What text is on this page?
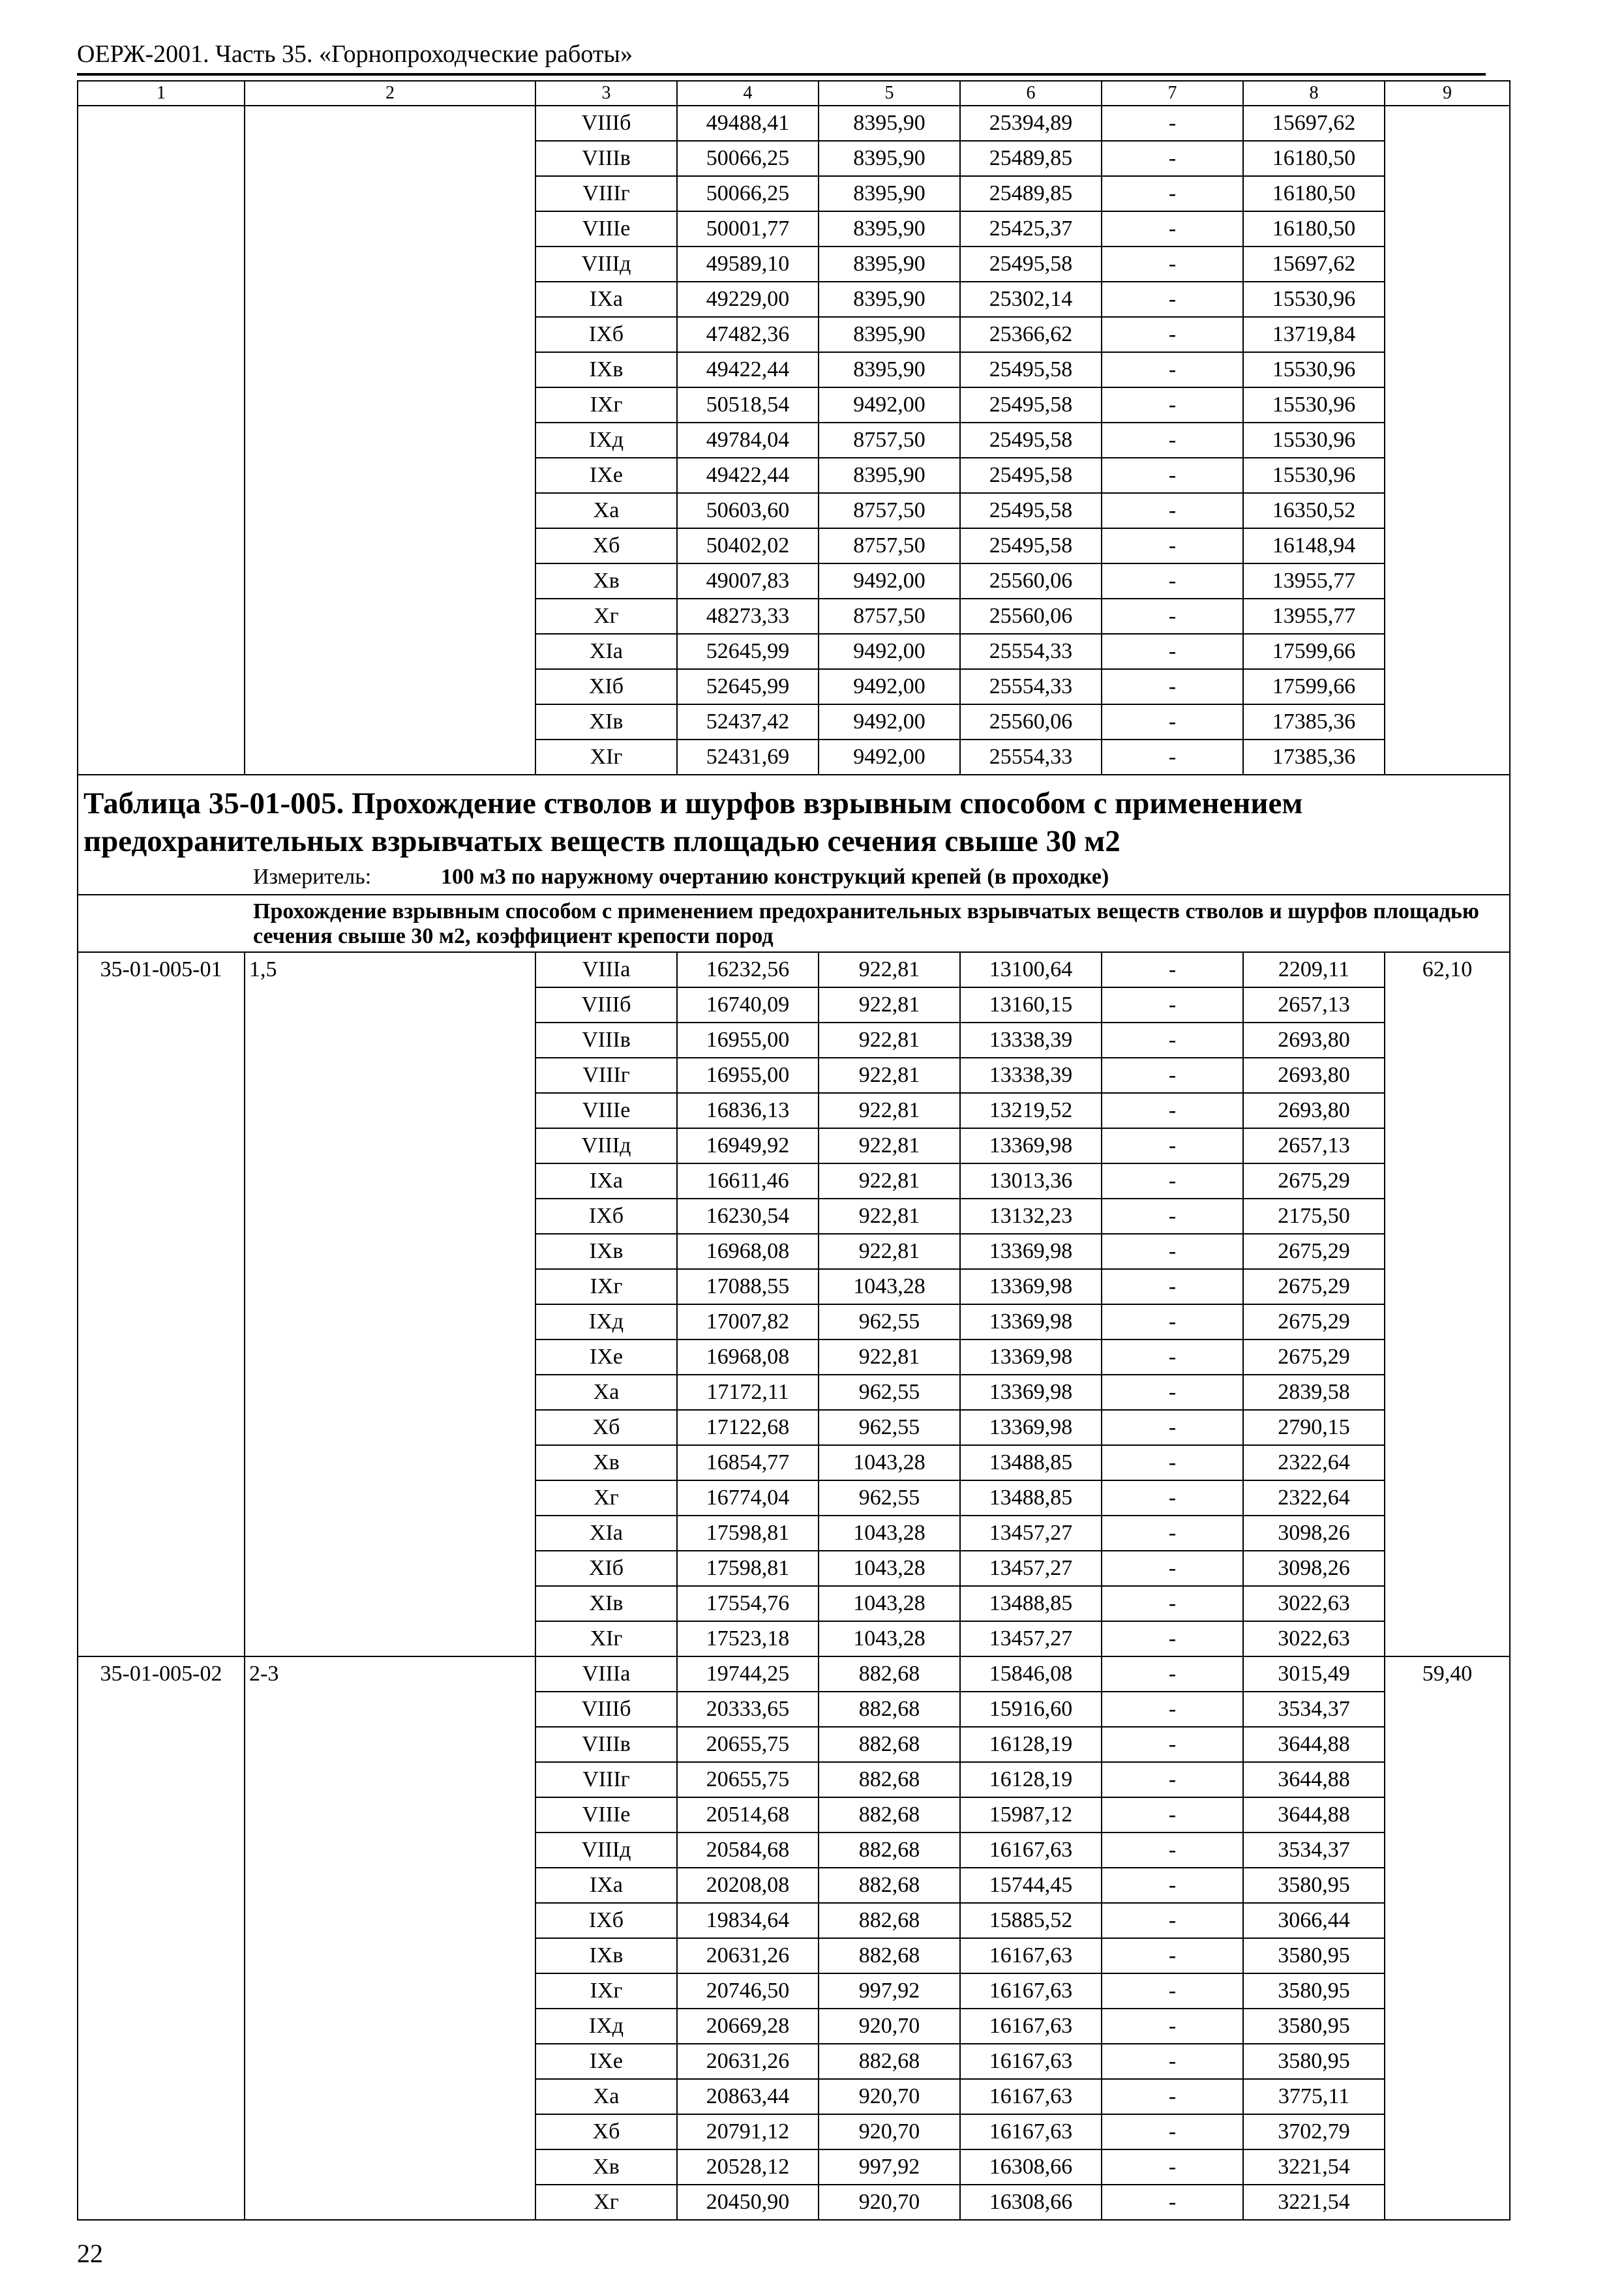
ОЕРЖ-2001. Часть 35. «Горнопроходческие работы»
1	2	3	4	5	6	7	8	9
		VIIIб	49488,41	8395,90	25394,89	-	15697,62	
		VIIIв	50066,25	8395,90	25489,85	-	16180,50	
		VIIIг	50066,25	8395,90	25489,85	-	16180,50	
		VIIIe	50001,77	8395,90	25425,37	-	16180,50	
		VIIIд	49589,10	8395,90	25495,58	-	15697,62	
		IXa	49229,00	8395,90	25302,14	-	15530,96	
		IXб	47482,36	8395,90	25366,62	-	13719,84	
		IXв	49422,44	8395,90	25495,58	-	15530,96	
		IXг	50518,54	9492,00	25495,58	-	15530,96	
		IXд	49784,04	8757,50	25495,58	-	15530,96	
		IXe	49422,44	8395,90	25495,58	-	15530,96	
		Xa	50603,60	8757,50	25495,58	-	16350,52	
		Xб	50402,02	8757,50	25495,58	-	16148,94	
		Xв	49007,83	9492,00	25560,06	-	13955,77	
		Xг	48273,33	8757,50	25560,06	-	13955,77	
		XIa	52645,99	9492,00	25554,33	-	17599,66	
		XIб	52645,99	9492,00	25554,33	-	17599,66	
		XIв	52437,42	9492,00	25560,06	-	17385,36	
		XIг	52431,69	9492,00	25554,33	-	17385,36	
Таблица 35-01-005. Прохождение стволов и шурфов взрывным способом с применением предохранительных взрывчатых веществ площадью сечения свыше 30 м2								
Измеритель: 100 м3 по наружному очертанию конструкций крепей (в проходке)								

Прохождение взрывным способом с применением предохранительных взрывчатых веществ стволов и шурфов площадью сечения свыше 30 м2, коэффициент крепости пород								

35-01-005-01	1,5	VIIIa	16232,56	922,81	13100,64	-	2209,11	62,10
		VIIIб	16740,09	922,81	13160,15	-	2657,13	
		VIIIв	16955,00	922,81	13338,39	-	2693,80	
		VIIIг	16955,00	922,81	13338,39	-	2693,80	
		VIIIe	16836,13	922,81	13219,52	-	2693,80	
		VIIIд	16949,92	922,81	13369,98	-	2657,13	
		IXa	16611,46	922,81	13013,36	-	2675,29	
		IXб	16230,54	922,81	13132,23	-	2175,50	
		IXв	16968,08	922,81	13369,98	-	2675,29	
		IXг	17088,55	1043,28	13369,98	-	2675,29	
		IXд	17007,82	962,55	13369,98	-	2675,29	
		IXe	16968,08	922,81	13369,98	-	2675,29	
		Xa	17172,11	962,55	13369,98	-	2839,58	
		Xб	17122,68	962,55	13369,98	-	2790,15	
		Xв	16854,77	1043,28	13488,85	-	2322,64	
		Xг	16774,04	962,55	13488,85	-	2322,64	
		XIa	17598,81	1043,28	13457,27	-	3098,26	
		XIб	17598,81	1043,28	13457,27	-	3098,26	
		XIв	17554,76	1043,28	13488,85	-	3022,63	
		XIг	17523,18	1043,28	13457,27	-	3022,63	
35-01-005-02	2-3	VIIIa	19744,25	882,68	15846,08	-	3015,49	59,40
		VIIIб	20333,65	882,68	15916,60	-	3534,37	
		VIIIв	20655,75	882,68	16128,19	-	3644,88	
		VIIIг	20655,75	882,68	16128,19	-	3644,88	
		VIIIe	20514,68	882,68	15987,12	-	3644,88	
		VIIIд	20584,68	882,68	16167,63	-	3534,37	
		IXa	20208,08	882,68	15744,45	-	3580,95	
		IXб	19834,64	882,68	15885,52	-	3066,44	
		IXв	20631,26	882,68	16167,63	-	3580,95	
		IXг	20746,50	997,92	16167,63	-	3580,95	
		IXд	20669,28	920,70	16167,63	-	3580,95	
		IXe	20631,26	882,68	16167,63	-	3580,95	
		Xa	20863,44	920,70	16167,63	-	3775,11	
		Xб	20791,12	920,70	16167,63	-	3702,79	
		Xв	20528,12	997,92	16308,66	-	3221,54	
		Xг	20450,90	920,70	16308,66	-	3221,54	
22
